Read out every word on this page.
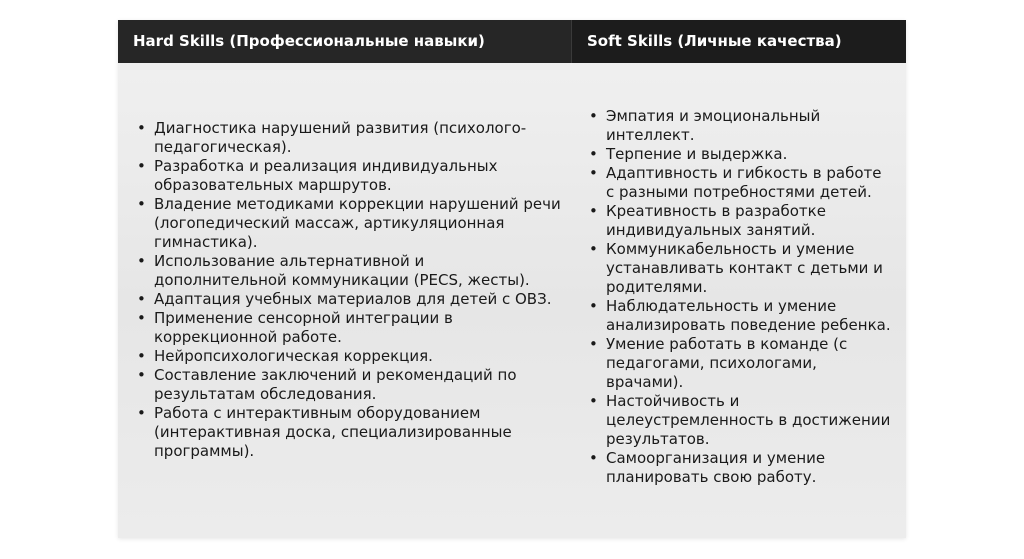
Hard Skills (Профессиональные навыки)	Soft Skills (Личные качества)
• Диагностика нарушений развития (психолого-педагогическая).
• Разработка и реализация индивидуальных образовательных маршрутов.
• Владение методиками коррекции нарушений речи (логопедический массаж, артикуляционная гимнастика).
• Использование альтернативной и дополнительной коммуникации (PECS, жесты).
• Адаптация учебных материалов для детей с ОВЗ.
• Применение сенсорной интеграции в коррекционной работе.
• Нейропсихологическая коррекция.
• Составление заключений и рекомендаций по результатам обследования.
• Работа с интерактивным оборудованием (интерактивная доска, специализированные программы).
• Эмпатия и эмоциональный интеллект.
• Терпение и выдержка.
• Адаптивность и гибкость в работе с разными потребностями детей.
• Креативность в разработке индивидуальных занятий.
• Коммуникабельность и умение устанавливать контакт с детьми и родителями.
• Наблюдательность и умение анализировать поведение ребенка.
• Умение работать в команде (с педагогами, психологами, врачами).
• Настойчивость и целеустремленность в достижении результатов.
• Самоорганизация и умение планировать свою работу.
